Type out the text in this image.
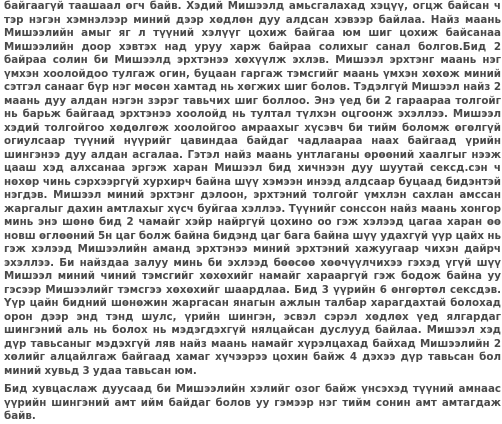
байгаагүй таашаал өгч байв. Хэдий Мишээлд амьсгалахад хэцүү, огцж байсан ч тэр нэгэн хэмнэлээр миний дээр хөдлөн дуу алдсан хэвээр байлаа. Найз маань Мишээлийн амыг яг л түүний хэлүүг цохиж байгаа юм шиг цохиж байсанаа Мишээлийн доор хэвтэх над уруу харж байраа солихыг санал болгов.Бид 2 байраа солин би Мишээлд эрхтэнээ хөхүүлж эхлэв. Мишээл эрхтэнг маань нэг үмхэн хоолойдоо тулгаж огин, буцаан гаргаж тэмсгийг маань үмхэн хөхөж миний сэтгэл санааг бүр нэг мөсөн хамтад нь хөгжих шиг болов. Тэдэлгүй Мишээл найз 2 маань дуу алдан нэгэн зэрэг тавьчих шиг боллоо. Энэ үед би 2 гараараа толгойг нь барьж байгаад эрхтэнээ хоолойд нь тултал түлхэн оцгоонж эхэллээ. Мишээл хэдий толгойгоо хөдөлгөж хоолойгоо амраахыг хүсэвч би тийм боломж өгөлгүй огиулсаар түүний нүүрийг цавиндаа байдаг чадлаараа наах байгаад үрийн шингэнээ дуу алдан асгалаа. Гэтэл найз маань унтлаганы өрөөний хаалгыг нээж цааш хэд алхсанаа эргэж харан Мишээл бид хичнээн дуу шуутай сексд.сэн ч нөхөр чинь сэрхээргүй хурхирч байна шүү хэмээн инээд алдсаар буцаад бидэнтэй нэгдэв. Мишээл миний эрхтэнг дэлоон, эрхтэний толгойг үмхлэн сахлан амссан жаргалыг дахин амтлахыг хүсч буйгаа хэллээ. Түүнийг сонссон найз маань хонгор минь энэ шөнө бид 2 чамайг хэйр найргүй цохино оо гэж хэлээд цагаа харан өө новш өглөөний 5н цаг болж байна бидэнд цаг бага байна шүү удахгүй үүр цайх нь гэж хэлээд Мишээлийн аманд эрхтэнээ миний эрхтэний хажуугаар чихэн дайрч эхэллээ. Би найздаа залуу минь би эхлээд бөөсөө хөөчүүлчихээ гэхэд үгүй шүү Мишээл миний чиний тэмсгийг хөхөхийг намайг харааргүй гэж бодож байна уу гэсээр Мишээлийг тэмсгээ хөхөхийг шаардлаа. Бид 3 үүрийн 6 өнгөртөл сексдэв. Үүр цайн бидний шөнөжин жаргасан янагын ажлын талбар харагдахтай болохад орон дээр энд тэнд шулс, үрийн шингэн, эсвэл сэрэл хөдлөх үед ялгардаг шингэний аль нь болох нь мэдэгдэхгүй нялцайсан дуслууд байлаа. Мишээл хэд дүр тавьсаныг мэдэхгүй ляв найз маань намайг хүрэлцахад байхад Мишээлийн 2 хөлийг алцайлгаж байгаад хамаг хүчээрээ цохин байж 4 дэхээ дүр тавьсан бол миний хувьд 3 удаа тавьсан юм.

Бид хувцаслаж дуусаад би Мишээлийн хэлийг озог байж үнсэхэд түүний амнаас үүрийн шингэний амт ийм байдаг болов уу гэмээр нэг тийм сонин амт амтагдаж байв.
